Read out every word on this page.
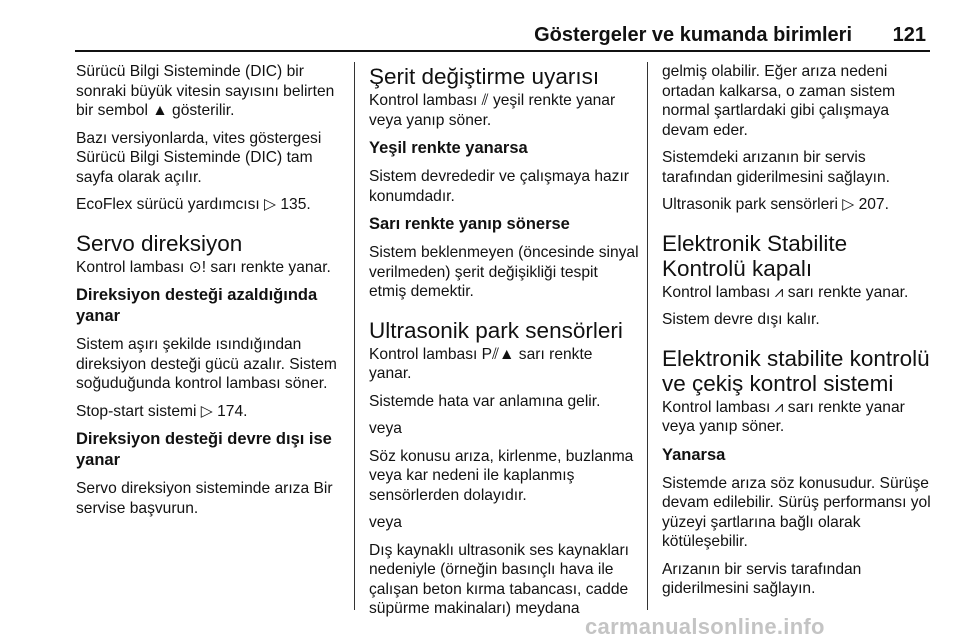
Göstergeler ve kumanda birimleri 121

Sürücü Bilgi Sisteminde (DIC) bir sonraki büyük vitesin sayısını belirten bir sembol ▲ gösterilir.

Bazı versiyonlarda, vites göstergesi Sürücü Bilgi Sisteminde (DIC) tam sayfa olarak açılır.

EcoFlex sürücü yardımcısı ▷ 135.

Servo direksiyon

Kontrol lambası ⊙! sarı renkte yanar.

Direksiyon desteği azaldığında yanar

Sistem aşırı şekilde ısındığından direksiyon desteği gücü azalır. Sistem soğuduğunda kontrol lambası söner.

Stop-start sistemi ▷ 174.

Direksiyon desteği devre dışı ise yanar

Servo direksiyon sisteminde arıza Bir servise başvurun.

Şerit değiştirme uyarısı

Kontrol lambası ⫽ yeşil renkte yanar veya yanıp söner.

Yeşil renkte yanarsa

Sistem devrededir ve çalışmaya hazır konumdadır.

Sarı renkte yanıp sönerse

Sistem beklenmeyen (öncesinde sinyal verilmeden) şerit değişikliği tespit etmiş demektir.

Ultrasonik park sensörleri

Kontrol lambası P⫽▲ sarı renkte yanar.

Sistemde hata var anlamına gelir.

veya

Söz konusu arıza, kirlenme, buzlanma veya kar nedeni ile kaplanmış sensörlerden dolayıdır.

veya

Dış kaynaklı ultrasonik ses kaynakları nedeniyle (örneğin basınçlı hava ile çalışan beton kırma tabancası, cadde süpürme makinaları) meydana

gelmiş olabilir. Eğer arıza nedeni ortadan kalkarsa, o zaman sistem normal şartlardaki gibi çalışmaya devam eder.

Sistemdeki arızanın bir servis tarafından giderilmesini sağlayın.

Ultrasonik park sensörleri ▷ 207.

Elektronik Stabilite Kontrolü kapalı

Kontrol lambası ⩘ sarı renkte yanar.

Sistem devre dışı kalır.

Elektronik stabilite kontrolü ve çekiş kontrol sistemi

Kontrol lambası ⩘ sarı renkte yanar veya yanıp söner.

Yanarsa

Sistemde arıza söz konusudur. Sürüşe devam edilebilir. Sürüş performansı yol yüzeyi şartlarına bağlı olarak kötüleşebilir.

Arızanın bir servis tarafından giderilmesini sağlayın.

carmanualsonline.info
